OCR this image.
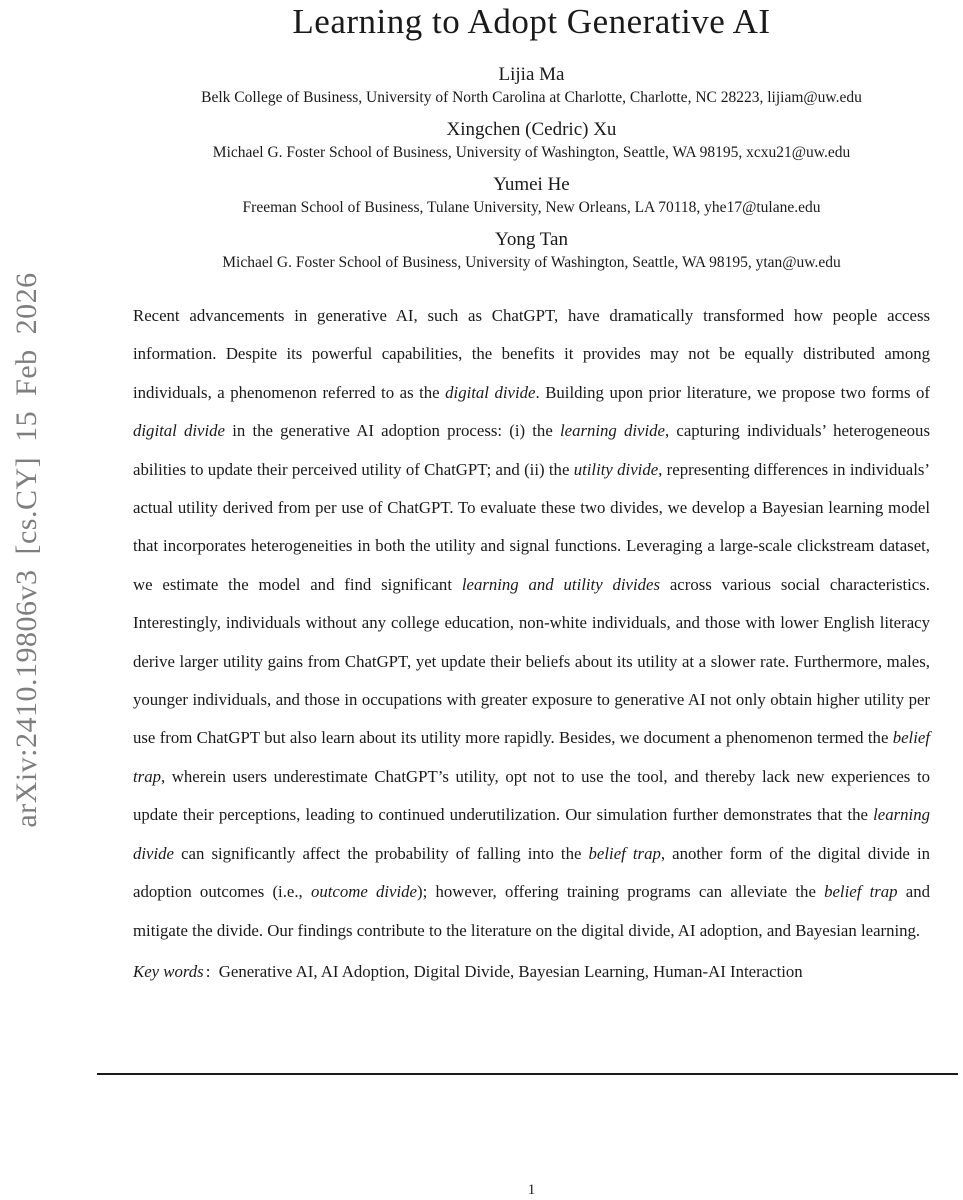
arXiv:2410.19806v3 [cs.CY] 15 Feb 2026
Learning to Adopt Generative AI
Lijia Ma
Belk College of Business, University of North Carolina at Charlotte, Charlotte, NC 28223, lijiam@uw.edu
Xingchen (Cedric) Xu
Michael G. Foster School of Business, University of Washington, Seattle, WA 98195, xcxu21@uw.edu
Yumei He
Freeman School of Business, Tulane University, New Orleans, LA 70118, yhe17@tulane.edu
Yong Tan
Michael G. Foster School of Business, University of Washington, Seattle, WA 98195, ytan@uw.edu

Recent advancements in generative AI, such as ChatGPT, have dramatically transformed how people access information. Despite its powerful capabilities, the benefits it provides may not be equally distributed among individuals, a phenomenon referred to as the digital divide. Building upon prior literature, we propose two forms of digital divide in the generative AI adoption process: (i) the learning divide, capturing individuals’ heterogeneous abilities to update their perceived utility of ChatGPT; and (ii) the utility divide, representing differences in individuals’ actual utility derived from per use of ChatGPT. To evaluate these two divides, we develop a Bayesian learning model that incorporates heterogeneities in both the utility and signal functions. Leveraging a large-scale clickstream dataset, we estimate the model and find significant learning and utility divides across various social characteristics. Interestingly, individuals without any college education, non-white individuals, and those with lower English literacy derive larger utility gains from ChatGPT, yet update their beliefs about its utility at a slower rate. Furthermore, males, younger individuals, and those in occupations with greater exposure to generative AI not only obtain higher utility per use from ChatGPT but also learn about its utility more rapidly. Besides, we document a phenomenon termed the belief trap, wherein users underestimate ChatGPT’s utility, opt not to use the tool, and thereby lack new experiences to update their perceptions, leading to continued underutilization. Our simulation further demonstrates that the learning divide can significantly affect the probability of falling into the belief trap, another form of the digital divide in adoption outcomes (i.e., outcome divide); however, offering training programs can alleviate the belief trap and mitigate the divide. Our findings contribute to the literature on the digital divide, AI adoption, and Bayesian learning.

Key words : Generative AI, AI Adoption, Digital Divide, Bayesian Learning, Human-AI Interaction

1
